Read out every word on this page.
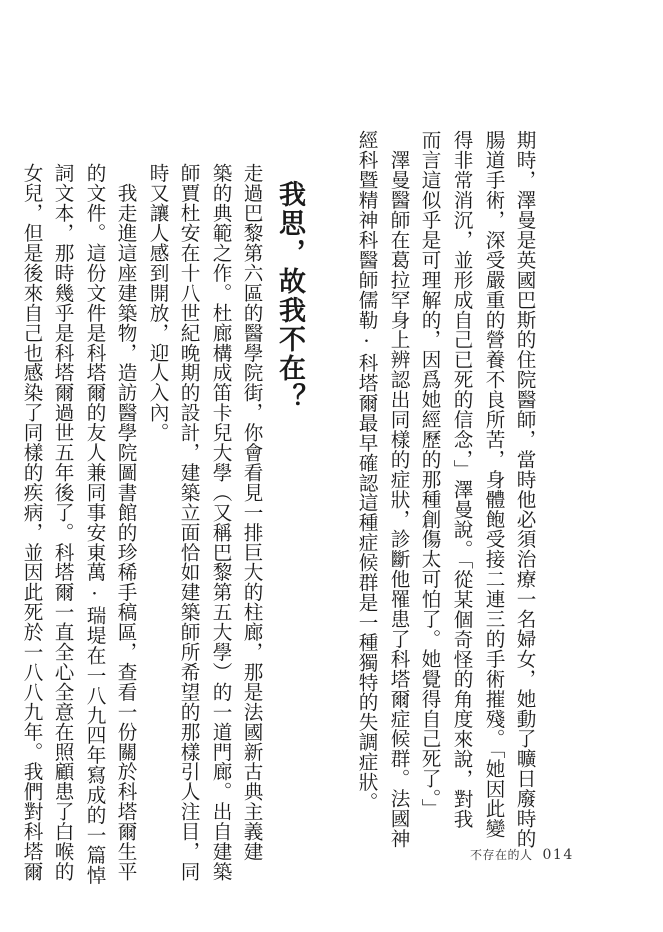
期時，澤曼是英國巴斯的住院醫師，當時他必須治療一名婦女，她動了曠日廢時的
腸道手術，深受嚴重的營養不良所苦，身體飽受接二連三的手術摧殘。「她因此變
得非常消沉，並形成自己已死的信念，」澤曼說。「從某個奇怪的角度來說，對我
而言這似乎是可理解的，因爲她經歷的那種創傷太可怕了。她覺得自己死了。」
　澤曼醫師在葛拉罕身上辨認出同樣的症狀，診斷他罹患了科塔爾症候群。法國神
經科暨精神科醫師儒勒·科塔爾最早確認這種症候群是一種獨特的失調症狀。
我思，故我不在？
走過巴黎第六區的醫學院街，你會看見一排巨大的柱廊，那是法國新古典主義建
築的典範之作。杜廊構成笛卡兒大學（又稱巴黎第五大學）的一道門廊。出自建築
師賈杜安在十八世紀晚期的設計，建築立面恰如建築師所希望的那樣引人注目，同
時又讓人感到開放，迎人入內。
　我走進這座建築物，造訪醫學院圖書館的珍稀手稿區，查看一份關於科塔爾生平
的文件。這份文件是科塔爾的友人兼同事安東萬·瑞堤在一八九四年寫成的一篇悼
詞文本，那時幾乎是科塔爾過世五年後了。科塔爾一直全心全意在照顧患了白喉的
女兒，但是後來自己也感染了同樣的疾病，並因此死於一八八九年。我們對科塔爾	不存在的人 014
